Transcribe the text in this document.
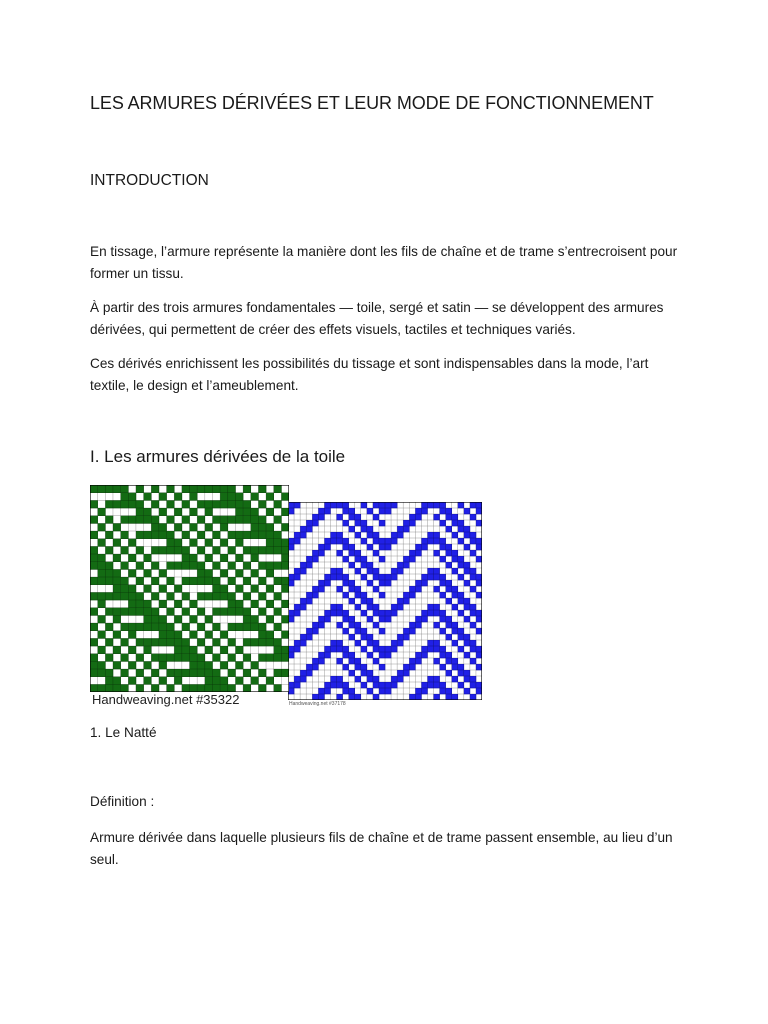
LES ARMURES DÉRIVÉES ET LEUR MODE DE FONCTIONNEMENT
INTRODUCTION

En tissage, l’armure représente la manière dont les fils de chaîne et de trame s’entrecroisent pour former un tissu.

À partir des trois armures fondamentales — toile, sergé et satin — se développent des armures dérivées, qui permettent de créer des effets visuels, tactiles et techniques variés.

Ces dérivés enrichissent les possibilités du tissage et sont indispensables dans la mode, l’art textile, le design et l’ameublement.

I. Les armures dérivées de la toile
Handweaving.net #35322	Handweaving.net #37178
1. Le Natté
Définition :

Armure dérivée dans laquelle plusieurs fils de chaîne et de trame passent ensemble, au lieu d’un seul.
